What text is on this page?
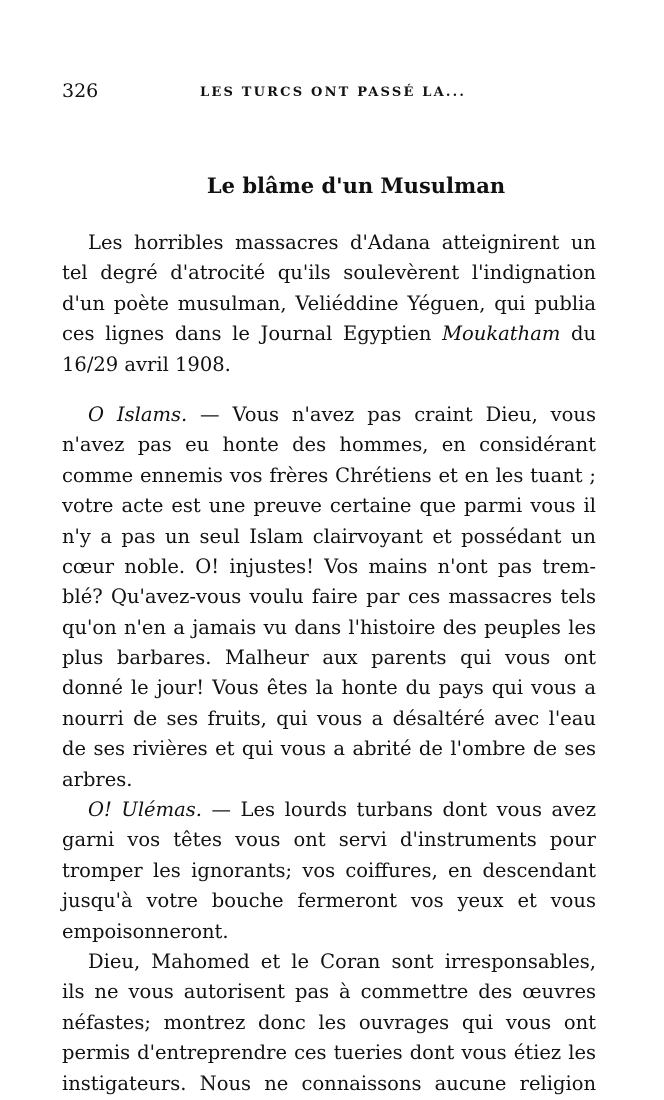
326	LES TURCS ONT PASSÉ LA...
Le blâme d'un Musulman
Les horribles massacres d'Adana atteignirent un
tel degré d'atrocité qu'ils soulevèrent l'indignation
d'un poète musulman, Veliéddine Yéguen, qui publia
ces lignes dans le Journal Egyptien Moukatham du
16/29 avril 1908.
O Islams. — Vous n'avez pas craint Dieu, vous
n'avez pas eu honte des hommes, en considérant
comme ennemis vos frères Chrétiens et en les tuant ;
votre acte est une preuve certaine que parmi vous il
n'y a pas un seul Islam clairvoyant et possédant un
cœur noble. O! injustes! Vos mains n'ont pas trem-
blé? Qu'avez-vous voulu faire par ces massacres tels
qu'on n'en a jamais vu dans l'histoire des peuples les
plus barbares. Malheur aux parents qui vous ont
donné le jour! Vous êtes la honte du pays qui vous a
nourri de ses fruits, qui vous a désaltéré avec l'eau
de ses rivières et qui vous a abrité de l'ombre de ses
arbres.
O! Ulémas. — Les lourds turbans dont vous avez
garni vos têtes vous ont servi d'instruments pour
tromper les ignorants; vos coiffures, en descendant
jusqu'à votre bouche fermeront vos yeux et vous
empoisonneront.
Dieu, Mahomed et le Coran sont irresponsables,
ils ne vous autorisent pas à commettre des œuvres
néfastes; montrez donc les ouvrages qui vous ont
permis d'entreprendre ces tueries dont vous étiez les
instigateurs. Nous ne connaissons aucune religion
